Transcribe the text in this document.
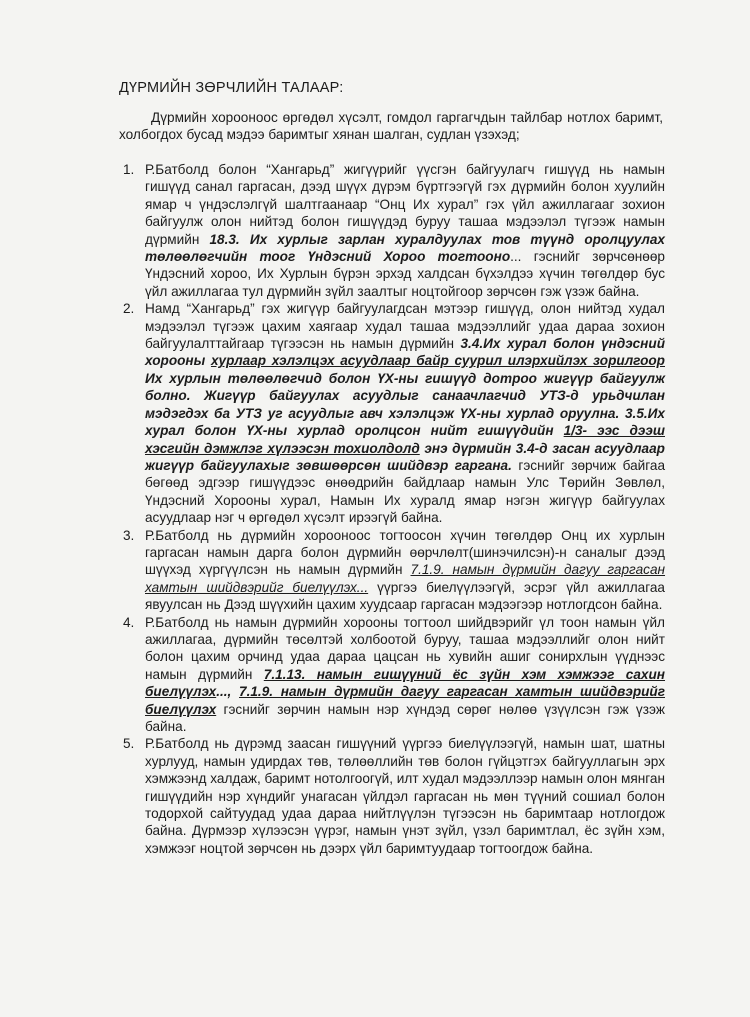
ДҮРМИЙН ЗӨРЧЛИЙН ТАЛААР:

Дүрмийн хорооноос өргөдөл хүсэлт, гомдол гаргагчдын тайлбар нотлох баримт, холбогдох бусад мэдээ баримтыг хянан шалган, судлан үзэхэд;

1. Р.Батболд болон “Хангарьд” жигүүрийг үүсгэн байгуулагч гишүүд нь намын гишүүд санал гаргасан, дээд шүүх дүрэм бүртгээгүй гэх дүрмийн болон хуулийн ямар ч үндэслэлгүй шалтгаанаар “Онц Их хурал” гэх үйл ажиллагааг зохион байгуулж олон нийтэд болон гишүүдэд буруу ташаа мэдээлэл түгээж намын дүрмийн 18.3. Их хурлыг зарлан хуралдуулах тов түүнд оролцуулах төлөөлөгчийн тоог Үндэсний Хороо тогтооно... гэснийг зөрчсөнөөр Үндэсний хороо, Их Хурлын бүрэн эрхэд халдсан бүхэлдээ хүчин төгөлдөр бус үйл ажиллагаа тул дүрмийн зүйл заалтыг ноцтойгоор зөрчсөн гэж үзэж байна.
2. Намд “Хангарьд” гэх жигүүр байгуулагдсан мэтээр гишүүд, олон нийтэд худал мэдээлэл түгээж цахим хаягаар худал ташаа мэдээллийг удаа дараа зохион байгуулалттайгаар түгээсэн нь намын дүрмийн 3.4.Их хурал болон үндэсний хорооны хурлаар хэлэлцэх асуудлаар байр суурил илэрхийлэх зорилгоор Их хурлын төлөөлөгчид болон ҮХ-ны гишүүд дотроо жигүүр байгуулж болно. Жигүүр байгуулах асуудлыг санаачлагчид УТЗ-д урьдчилан мэдэгдэх ба УТЗ уг асуудлыг авч хэлэлцэж ҮХ-ны хурлад оруулна. 3.5.Их хурал болон ҮХ-ны хурлад оролцсон нийт гишүүдийн 1/3- ээс дээш хэсгийн дэмжлэг хүлээсэн тохиолдолд энэ дүрмийн 3.4-д засан асуудлаар жигүүр байгуулахыг зөвшөөрсөн шийдвэр гаргана. гэснийг зөрчиж байгаа бөгөөд эдгээр гишүүдээс өнөөдрийн байдлаар намын Улс Төрийн Зөвлөл, Үндэсний Хорооны хурал, Намын Их хуралд ямар нэгэн жигүүр байгуулах асуудлаар нэг ч өргөдөл хүсэлт ирээгүй байна.
3. Р.Батболд нь дүрмийн хорооноос тогтоосон хүчин төгөлдөр Онц их хурлын гаргасан намын дарга болон дүрмийн өөрчлөлт(шинэчилсэн)-н саналыг дээд шүүхэд хүргүүлсэн нь намын дүрмийн 7.1.9. намын дүрмийн дагуу гаргасан хамтын шийдвэрийг биелүүлэх... үүргээ биелүүлээгүй, эсрэг үйл ажиллагаа явуулсан нь Дээд шүүхийн цахим хуудсаар гаргасан мэдээгээр нотлогдсон байна.
4. Р.Батболд нь намын дүрмийн хорооны тогтоол шийдвэрийг үл тоон намын үйл ажиллагаа, дүрмийн төсөлтэй холбоотой буруу, ташаа мэдээллийг олон нийт болон цахим орчинд удаа дараа цацсан нь хувийн ашиг сонирхлын үүднээс намын дүрмийн 7.1.13. намын гишүүний ёс зүйн хэм хэмжээг сахин биелүүлэх..., 7.1.9. намын дүрмийн дагуу гаргасан хамтын шийдвэрийг биелүүлэх гэснийг зөрчин намын нэр хүндэд сөрөг нөлөө үзүүлсэн гэж үзэж байна.
5. Р.Батболд нь дүрэмд заасан гишүүний үүргээ биелүүлээгүй, намын шат, шатны хурлууд, намын удирдах төв, төлөөллийн төв болон гүйцэтгэх байгууллагын эрх хэмжээнд халдаж, баримт нотолгоогүй, илт худал мэдээллээр намын олон мянган гишүүдийн нэр хүндийг унагасан үйлдэл гаргасан нь мөн түүний сошиал болон тодорхой сайтуудад удаа дараа нийтлүүлэн түгээсэн нь баримтаар нотлогдож байна. Дүрмээр хүлээсэн үүрэг, намын үнэт зүйл, үзэл баримтлал, ёс зүйн хэм, хэмжээг ноцтой зөрчсөн нь дээрх үйл баримтуудаар тогтоогдож байна.
